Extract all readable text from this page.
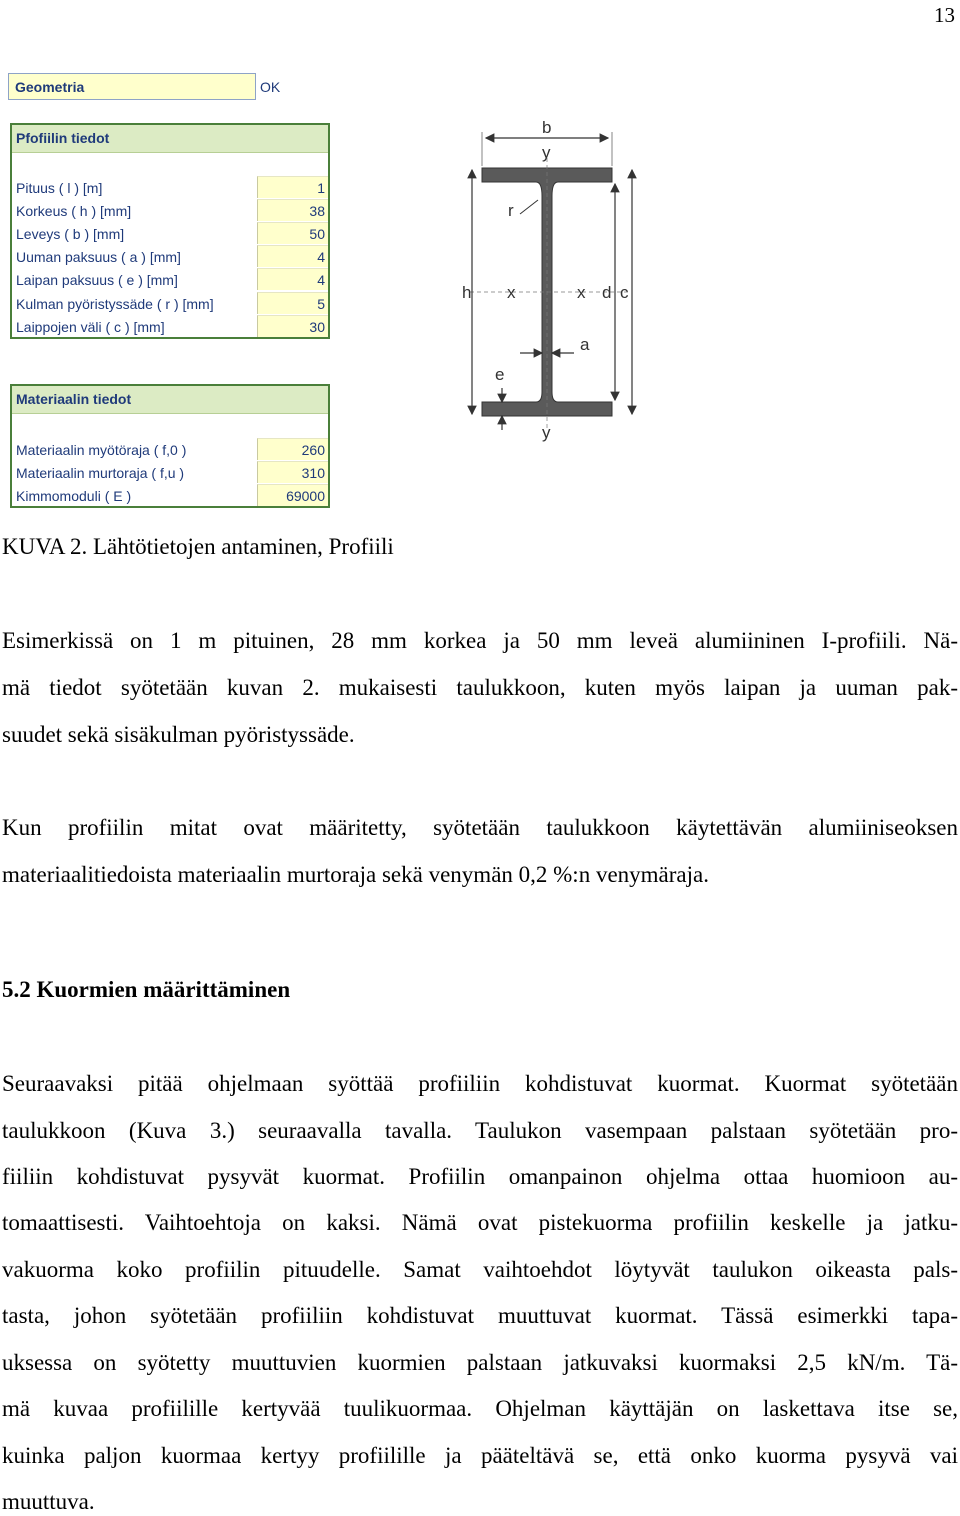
13
Geometria	OK
Pfofiilin tiedot
Pituus ( l ) [m]	1
Korkeus ( h ) [mm]	38
Leveys ( b ) [mm]	50
Uuman paksuus ( a ) [mm]	4
Laipan paksuus ( e ) [mm]	4
Kulman pyöristyssäde ( r ) [mm]	5
Laippojen väli ( c ) [mm]	30
Materiaalin tiedot
Materiaalin myötöraja ( f,0 )	260
Materiaalin murtoraja ( f,u )	310
Kimmomoduli ( E )	69000
b
y
r
h x	x d c
a
e
y
KUVA 2. Lähtötietojen antaminen, Profiili
Esimerkissä on 1 m pituinen, 28 mm korkea ja 50 mm leveä alumiininen I-profiili. Nä-
mä tiedot syötetään kuvan 2. mukaisesti taulukkoon, kuten myös laipan ja uuman pak-
suudet sekä sisäkulman pyöristyssäde.
Kun profiilin mitat ovat määritetty, syötetään taulukkoon käytettävän alumiiniseoksen
materiaalitiedoista materiaalin murtoraja sekä venymän 0,2 %:n venymäraja.
5.2 Kuormien määrittäminen
Seuraavaksi pitää ohjelmaan syöttää profiiliin kohdistuvat kuormat. Kuormat syötetään
taulukkoon (Kuva 3.) seuraavalla tavalla. Taulukon vasempaan palstaan syötetään pro-
fiiliin kohdistuvat pysyvät kuormat. Profiilin omanpainon ohjelma ottaa huomioon au-
tomaattisesti. Vaihtoehtoja on kaksi. Nämä ovat pistekuorma profiilin keskelle ja jatku-
vakuorma koko profiilin pituudelle. Samat vaihtoehdot löytyvät taulukon oikeasta pals-
tasta, johon syötetään profiiliin kohdistuvat muuttuvat kuormat. Tässä esimerkki tapa-
uksessa on syötetty muuttuvien kuormien palstaan jatkuvaksi kuormaksi 2,5 kN/m. Tä-
mä kuvaa profiilille kertyvää tuulikuormaa. Ohjelman käyttäjän on laskettava itse se,
kuinka paljon kuormaa kertyy profiilille ja pääteltävä se, että onko kuorma pysyvä vai
muuttuva.
